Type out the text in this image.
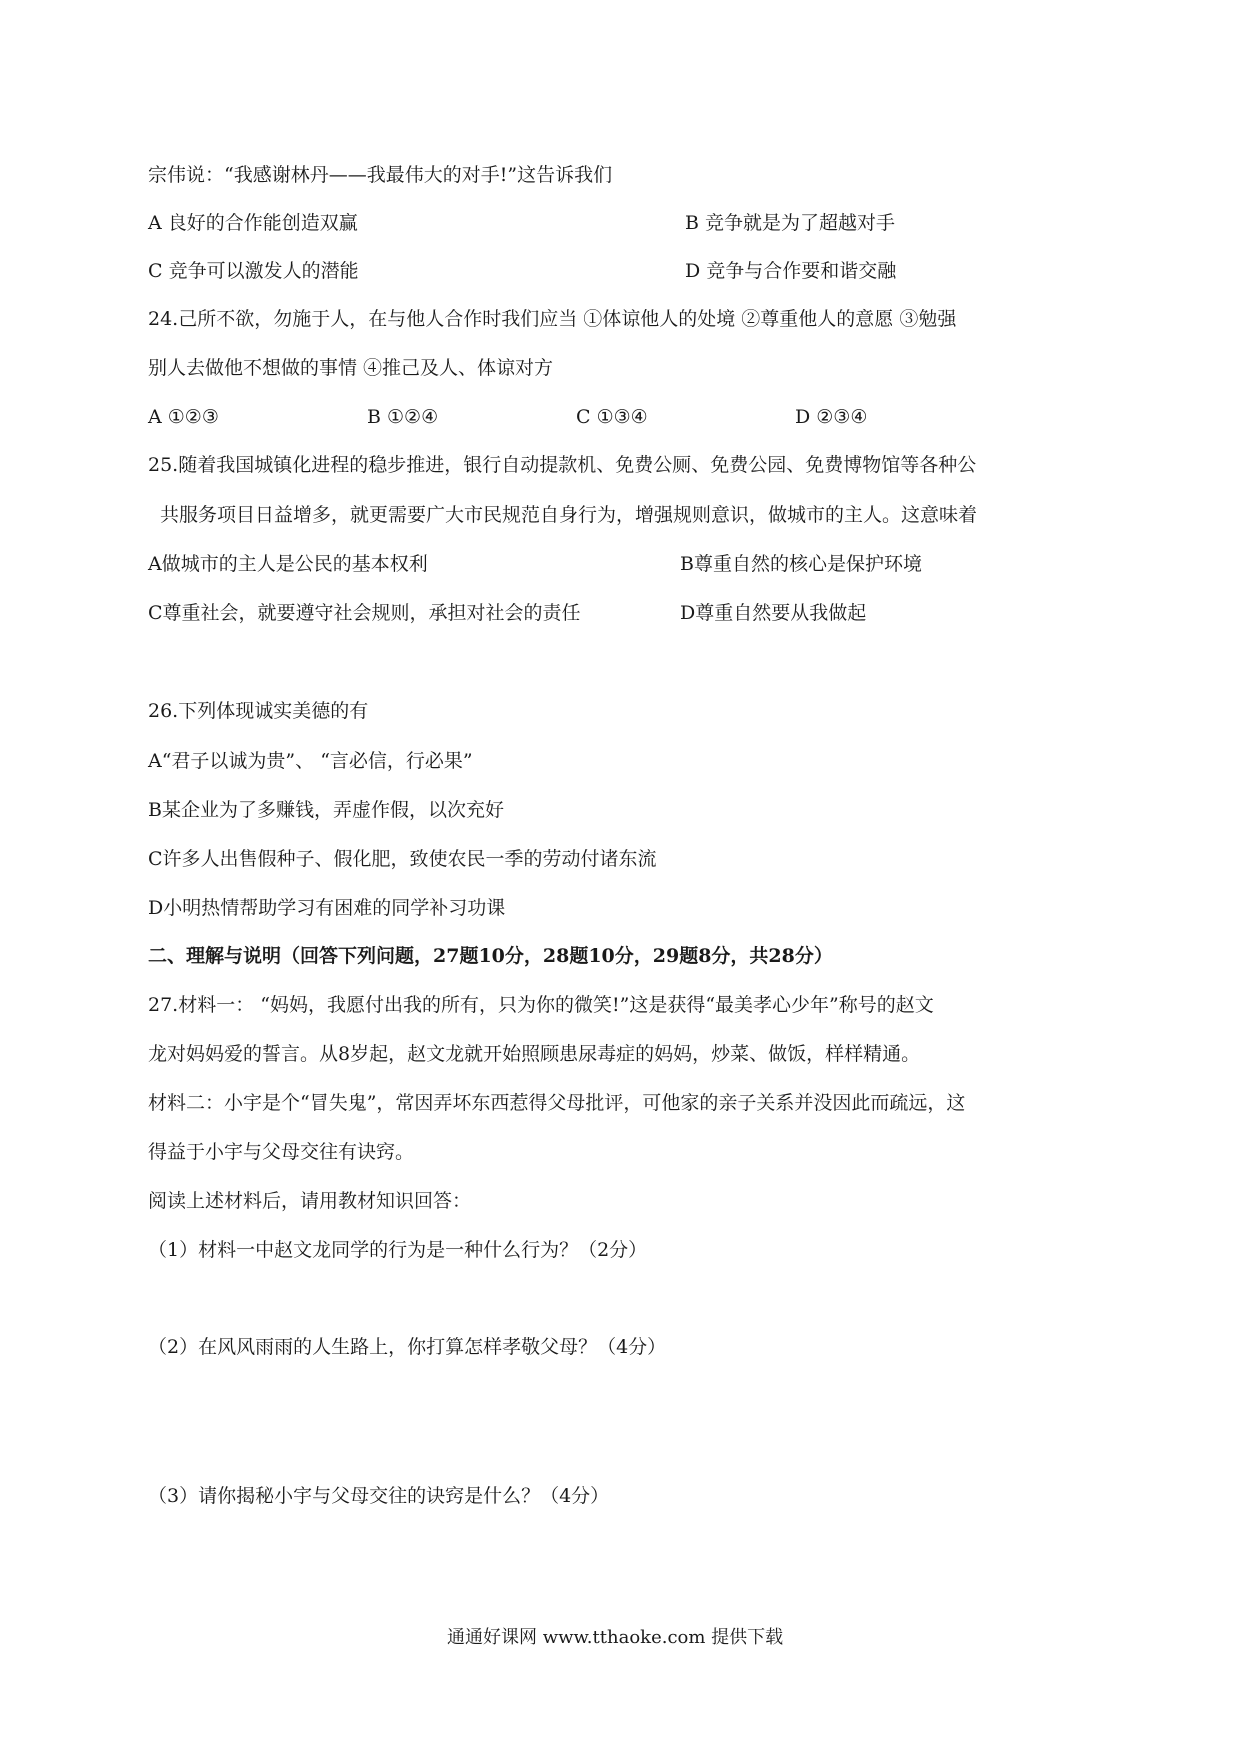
宗伟说：“我感谢林丹——我最伟大的对手!”这告诉我们
A 良好的合作能创造双赢	B 竞争就是为了超越对手
C 竞争可以激发人的潜能	D 竞争与合作要和谐交融
24.己所不欲，勿施于人，在与他人合作时我们应当 ①体谅他人的处境 ②尊重他人的意愿 ③勉强
别人去做他不想做的事情 ④推己及人、体谅对方
A ①②③	B ①②④	C ①③④	D ②③④
25.随着我国城镇化进程的稳步推进，银行自动提款机、免费公厕、免费公园、免费博物馆等各种公
共服务项目日益增多，就更需要广大市民规范自身行为，增强规则意识，做城市的主人。这意味着
A做城市的主人是公民的基本权利	B尊重自然的核心是保护环境
C尊重社会，就要遵守社会规则，承担对社会的责任	D尊重自然要从我做起
26.下列体现诚实美德的有
A“君子以诚为贵”、 “言必信，行必果”
B某企业为了多赚钱，弄虚作假，以次充好
C许多人出售假种子、假化肥，致使农民一季的劳动付诸东流
D小明热情帮助学习有困难的同学补习功课
二、理解与说明（回答下列问题，27题10分，28题10分，29题8分，共28分）
27.材料一： “妈妈，我愿付出我的所有，只为你的微笑!”这是获得“最美孝心少年”称号的赵文
龙对妈妈爱的誓言。从8岁起，赵文龙就开始照顾患尿毒症的妈妈，炒菜、做饭，样样精通。
材料二：小宇是个“冒失鬼”，常因弄坏东西惹得父母批评，可他家的亲子关系并没因此而疏远，这
得益于小宇与父母交往有诀窍。
阅读上述材料后，请用教材知识回答：
（1）材料一中赵文龙同学的行为是一种什么行为？（2分）
（2）在风风雨雨的人生路上，你打算怎样孝敬父母？（4分）
（3）请你揭秘小宇与父母交往的诀窍是什么？（4分）
通通好课网 www.tthaoke.com 提供下载
